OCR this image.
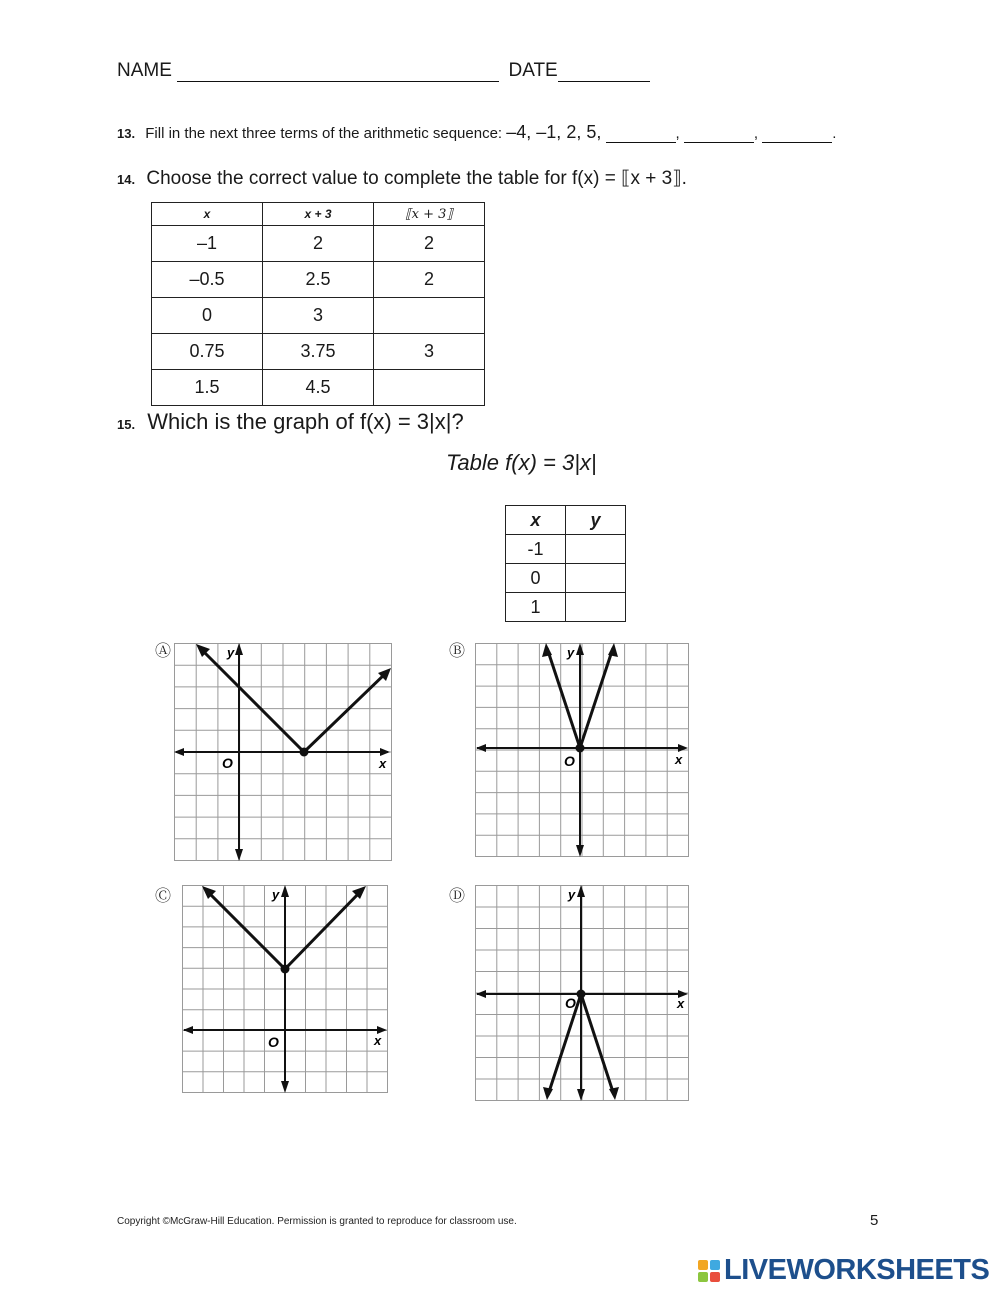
NAME	DATE
13. Fill in the next three terms of the arithmetic sequence: –4, –1, 2, 5,	,	,	.
14. Choose the correct value to complete the table for f(x) = ⟦x + 3⟧.
x	x + 3	⟦x + 3⟧
–1	2	2
–0.5	2.5	2
0	3	
0.75	3.75	3
1.5	4.5	
15. Which is the graph of f(x) = 3|x|?
Table f(x) = 3|x|
x	y
-1	
0	
1	
Ⓐ	Ⓑ
Ⓒ	Ⓓ
y
O	x
y
O	x
y
O	x
y
O	x
Copyright ©McGraw-Hill Education. Permission is granted to reproduce for classroom use.	5
LIVEWORKSHEETS
